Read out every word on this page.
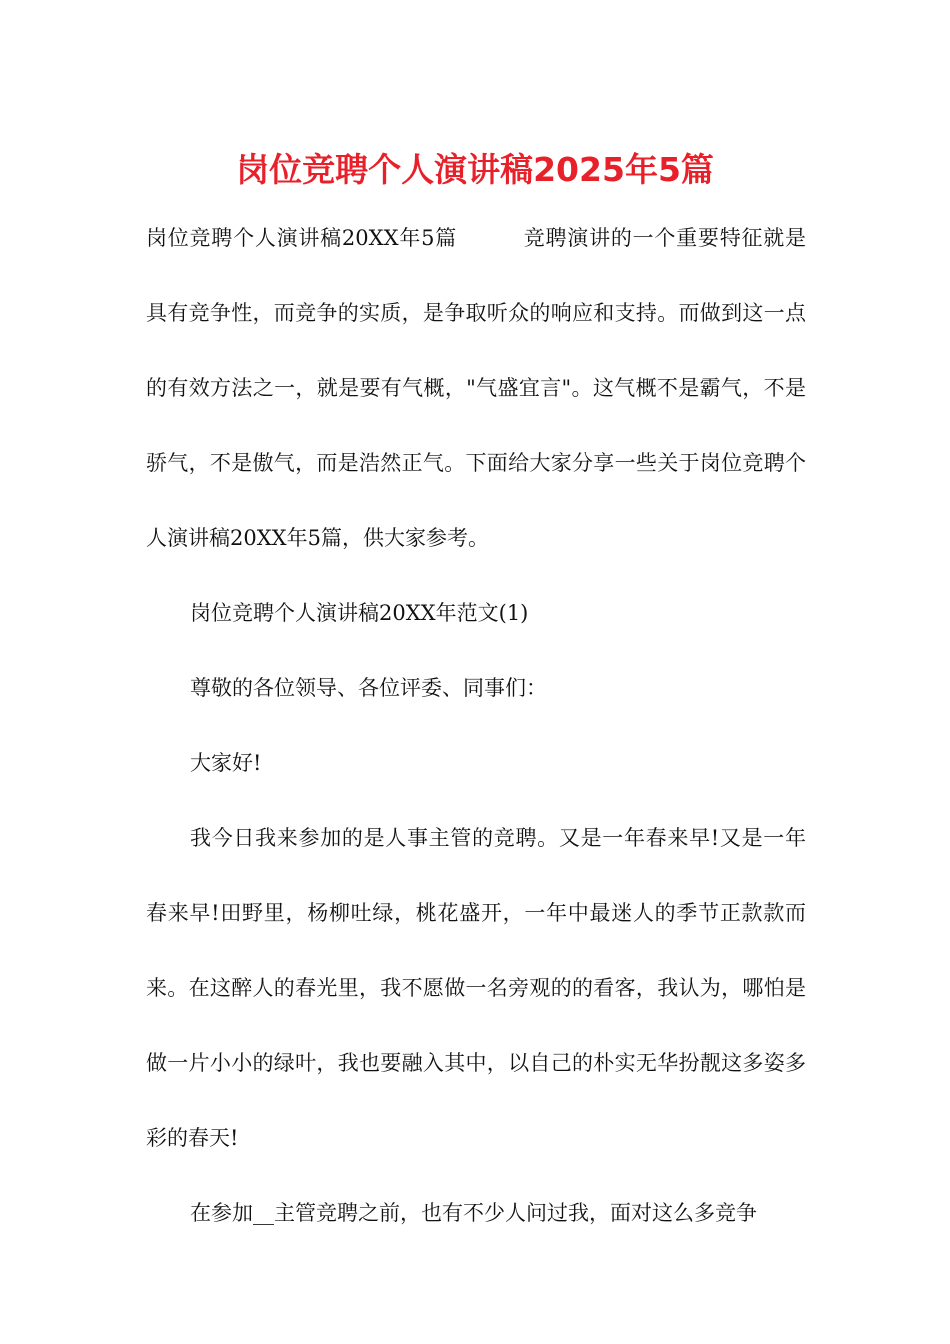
岗位竞聘个人演讲稿2025年5篇

岗位竞聘个人演讲稿20XX年5篇	竞聘演讲的一个重要特征就是具有竞争性，而竞争的实质，是争取听众的响应和支持。而做到这一点的有效方法之一，就是要有气概，"气盛宜言"。这气概不是霸气，不是骄气，不是傲气，而是浩然正气。下面给大家分享一些关于岗位竞聘个人演讲稿20XX年5篇，供大家参考。

岗位竞聘个人演讲稿20XX年范文(1)

尊敬的各位领导、各位评委、同事们：

大家好!

我今日我来参加的是人事主管的竞聘。又是一年春来早!又是一年春来早!田野里，杨柳吐绿，桃花盛开，一年中最迷人的季节正款款而来。在这醉人的春光里，我不愿做一名旁观的的看客，我认为，哪怕是做一片小小的绿叶，我也要融入其中，以自己的朴实无华扮靓这多姿多彩的春天!

在参加__主管竞聘之前，也有不少人问过我，面对这么多竞争
